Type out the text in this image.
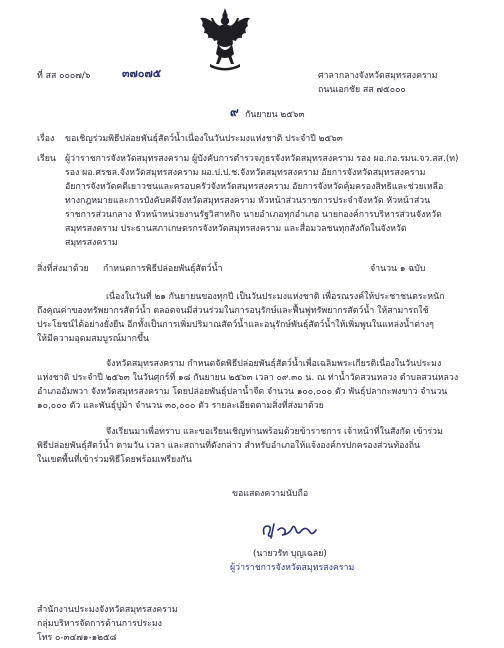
ที่ สส ๐๐๐๗/๖	๓๗๐๗๕	ศาลากลางจังหวัดสมุทรสงคราม
ถนนเอกชัย สส ๗๕๐๐๐
๙ กันยายน ๒๕๖๓
เรื่อง ขอเชิญร่วมพิธีปล่อยพันธุ์สัตว์น้ำเนื่องในวันประมงแห่งชาติ ประจำปี ๒๕๖๓
เรียน ผู้ว่าราชการจังหวัดสมุทรสงคราม ผู้บังคับการตำรวจภูธรจังหวัดสมุทรสงคราม รอง ผอ.กอ.รมน.จว.สส.(ท)
รอง ผอ.ศรชล.จังหวัดสมุทรสงคราม ผอ.ป.ป.ช.จังหวัดสมุทรสงคราม อัยการจังหวัดสมุทรสงคราม
อัยการจังหวัดคดีเยาวชนและครอบครัวจังหวัดสมุทรสงคราม อัยการจังหวัดคุ้มครองสิทธิและช่วยเหลือ
ทางกฎหมายและการบังคับคดีจังหวัดสมุทรสงคราม หัวหน้าส่วนราชการประจำจังหวัด หัวหน้าส่วน
ราชการส่วนกลาง หัวหน้าหน่วยงานรัฐวิสาหกิจ นายอำเภอทุกอำเภอ นายกองค์การบริหารส่วนจังหวัด
สมุทรสงคราม ประธานสภาเกษตรกรจังหวัดสมุทรสงคราม และสื่อมวลชนทุกสังกัดในจังหวัด
สมุทรสงคราม
สิ่งที่ส่งมาด้วย กำหนดการพิธีปล่อยพันธุ์สัตว์น้ำ	จำนวน ๑ ฉบับ
เนื่องในวันที่ ๒๑ กันยายนของทุกปี เป็นวันประมงแห่งชาติ เพื่อรณรงค์ให้ประชาชนตระหนัก
ถึงคุณค่าของทรัพยากรสัตว์น้ำ ตลอดจนมีส่วนร่วมในการอนุรักษ์และฟื้นฟูทรัพยากรสัตว์น้ำ ให้สามารถใช้
ประโยชน์ได้อย่างยั่งยืน อีกทั้งเป็นการเพิ่มปริมาณสัตว์น้ำและอนุรักษ์พันธุ์สัตว์น้ำให้เพิ่มพูนในแหล่งน้ำต่างๆ
ให้มีความอุดมสมบูรณ์มากขึ้น
จังหวัดสมุทรสงคราม กำหนดจัดพิธีปล่อยพันธุ์สัตว์น้ำเพื่อเฉลิมพระเกียรติเนื่องในวันประมง
แห่งชาติ ประจำปี ๒๕๖๓ ในวันศุกร์ที่ ๑๘ กันยายน ๒๕๖๓ เวลา ๐๙.๓๐ น. ณ ท่าน้ำวัดสวนหลวง ตำบลสวนหลวง
อำเภออัมพวา จังหวัดสมุทรสงคราม โดยปล่อยพันธุ์ปลาน้ำจืด จำนวน ๑๐๐,๐๐๐ ตัว พันธุ์ปลากะพงขาว จำนวน
๑๐,๐๐๐ ตัว และพันธุ์ปูม้า จำนวน ๓๐,๐๐๐ ตัว รายละเอียดตามสิ่งที่ส่งมาด้วย
จึงเรียนมาเพื่อทราบ และขอเรียนเชิญท่านพร้อมด้วยข้าราชการ เจ้าหน้าที่ในสังกัด เข้าร่วม
พิธีปล่อยพันธุ์สัตว์น้ำ ตามวัน เวลา และสถานที่ดังกล่าว สำหรับอำเภอให้แจ้งองค์กรปกครองส่วนท้องถิ่น
ในเขตพื้นที่เข้าร่วมพิธีโดยพร้อมเพรียงกัน
ขอแสดงความนับถือ
(นายวรัท บุญเฉลย)
ผู้ว่าราชการจังหวัดสมุทรสงคราม
สำนักงานประมงจังหวัดสมุทรสงคราม
กลุ่มบริหารจัดการด้านการประมง
โทร ๐-๓๔๗๑-๑๒๕๘
